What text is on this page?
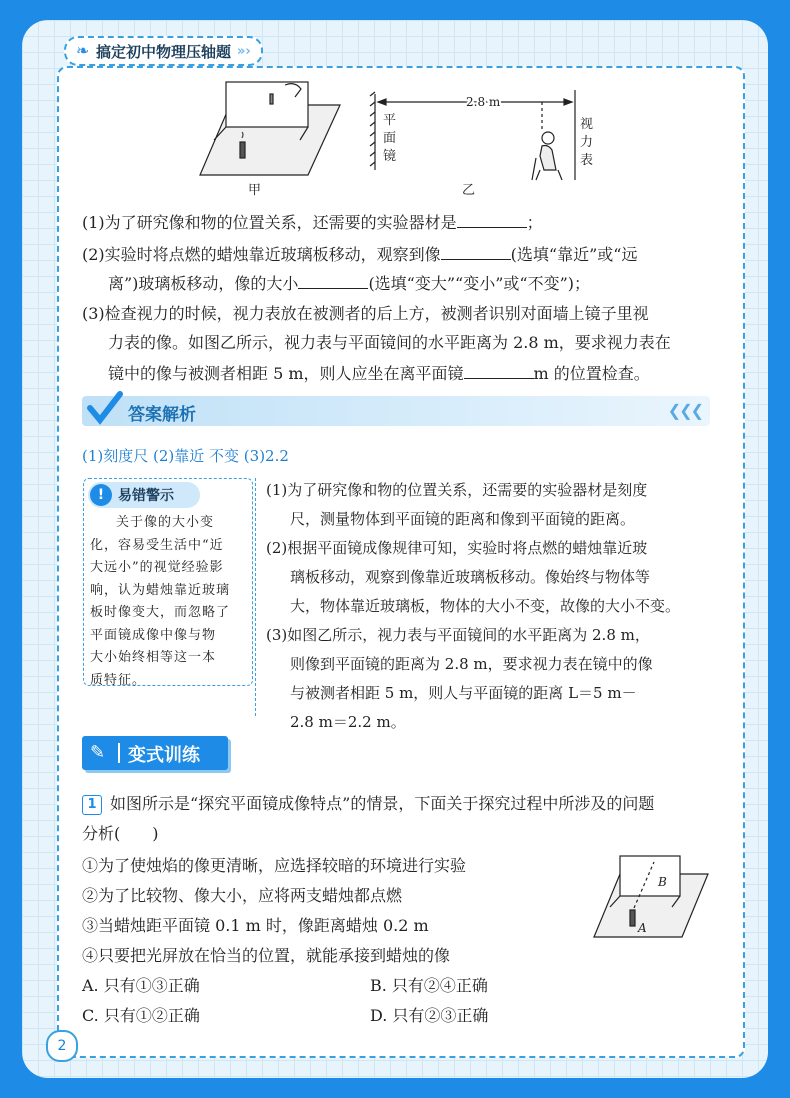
❧ 搞定初中物理压轴题 »›
甲
2.8 m
平
面
镜
视
力
表
乙
(1)为了研究像和物的位置关系，还需要的实验器材是	；
(2)实验时将点燃的蜡烛靠近玻璃板移动，观察到像	(选填“靠近”或“远
离”)玻璃板移动，像的大小	(选填“变大”“变小”或“不变”)；
(3)检查视力的时候，视力表放在被测者的后上方，被测者识别对面墙上镜子里视
力表的像。如图乙所示，视力表与平面镜间的水平距离为 2.8 m，要求视力表在
镜中的像与被测者相距 5 m，则人应坐在离平面镜	m 的位置检查。
答案解析	❮❮❮
(1)刻度尺 (2)靠近 不变 (3)2.2
! 易错警示
关于像的大小变
化，容易受生活中“近
大远小”的视觉经验影
响，认为蜡烛靠近玻璃
板时像变大，而忽略了
平面镜成像中像与物
大小始终相等这一本
质特征。
(1)为了研究像和物的位置关系，还需要的实验器材是刻度
尺，测量物体到平面镜的距离和像到平面镜的距离。
(2)根据平面镜成像规律可知，实验时将点燃的蜡烛靠近玻
璃板移动，观察到像靠近玻璃板移动。像始终与物体等
大，物体靠近玻璃板，物体的大小不变，故像的大小不变。
(3)如图乙所示，视力表与平面镜间的水平距离为 2.8 m，
则像到平面镜的距离为 2.8 m，要求视力表在镜中的像
与被测者相距 5 m，则人与平面镜的距离 L＝5 m－
2.8 m＝2.2 m。
✎	变式训练
1 如图所示是“探究平面镜成像特点”的情景，下面关于探究过程中所涉及的问题
分析(　　)
①为了使烛焰的像更清晰，应选择较暗的环境进行实验
②为了比较物、像大小，应将两支蜡烛都点燃
③当蜡烛距平面镜 0.1 m 时，像距离蜡烛 0.2 m
④只要把光屏放在恰当的位置，就能承接到蜡烛的像
A. 只有①③正确	B. 只有②④正确
C. 只有①②正确	D. 只有②③正确
B
A
2
